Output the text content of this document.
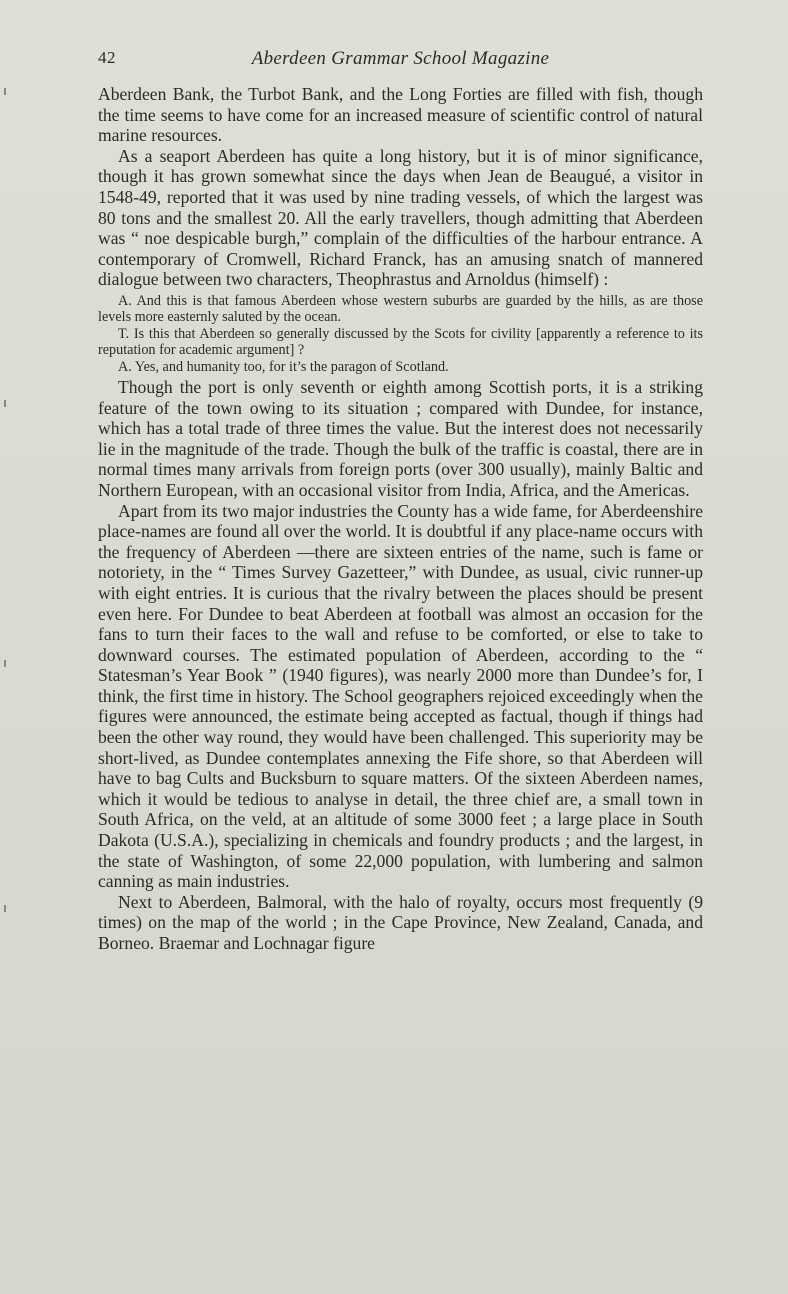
42	Aberdeen Grammar School Magazine

Aberdeen Bank, the Turbot Bank, and the Long Forties are filled with fish, though the time seems to have come for an increased measure of scientific control of natural marine resources.

As a seaport Aberdeen has quite a long history, but it is of minor significance, though it has grown somewhat since the days when Jean de Beaugué, a visitor in 1548-49, reported that it was used by nine trading vessels, of which the largest was 80 tons and the smallest 20. All the early travellers, though admitting that Aberdeen was “ noe despicable burgh,” complain of the difficulties of the harbour entrance. A contemporary of Cromwell, Richard Franck, has an amusing snatch of mannered dialogue between two characters, Theophrastus and Arnoldus (himself) :

A. And this is that famous Aberdeen whose western suburbs are guarded by the hills, as are those levels more easternly saluted by the ocean.

T. Is this that Aberdeen so generally discussed by the Scots for civility [apparently a reference to its reputation for academic argument] ?

A. Yes, and humanity too, for it’s the paragon of Scotland.

Though the port is only seventh or eighth among Scottish ports, it is a striking feature of the town owing to its situation ; compared with Dundee, for instance, which has a total trade of three times the value. But the interest does not necessarily lie in the magnitude of the trade. Though the bulk of the traffic is coastal, there are in normal times many arrivals from foreign ports (over 300 usually), mainly Baltic and Northern European, with an occasional visitor from India, Africa, and the Americas.

Apart from its two major industries the County has a wide fame, for Aberdeenshire place-names are found all over the world. It is doubtful if any place-name occurs with the frequency of Aberdeen —there are sixteen entries of the name, such is fame or notoriety, in the “ Times Survey Gazetteer,” with Dundee, as usual, civic runner-up with eight entries. It is curious that the rivalry between the places should be present even here. For Dundee to beat Aberdeen at football was almost an occasion for the fans to turn their faces to the wall and refuse to be comforted, or else to take to downward courses. The estimated population of Aberdeen, according to the “ Statesman’s Year Book ” (1940 figures), was nearly 2000 more than Dundee’s for, I think, the first time in history. The School geographers rejoiced exceedingly when the figures were announced, the estimate being accepted as factual, though if things had been the other way round, they would have been challenged. This superiority may be short-lived, as Dundee contemplates annexing the Fife shore, so that Aberdeen will have to bag Cults and Bucksburn to square matters. Of the sixteen Aberdeen names, which it would be tedious to analyse in detail, the three chief are, a small town in South Africa, on the veld, at an altitude of some 3000 feet ; a large place in South Dakota (U.S.A.), specializing in chemicals and foundry products ; and the largest, in the state of Washington, of some 22,000 population, with lumbering and salmon canning as main industries.

Next to Aberdeen, Balmoral, with the halo of royalty, occurs most frequently (9 times) on the map of the world ; in the Cape Province, New Zealand, Canada, and Borneo. Braemar and Lochnagar figure
